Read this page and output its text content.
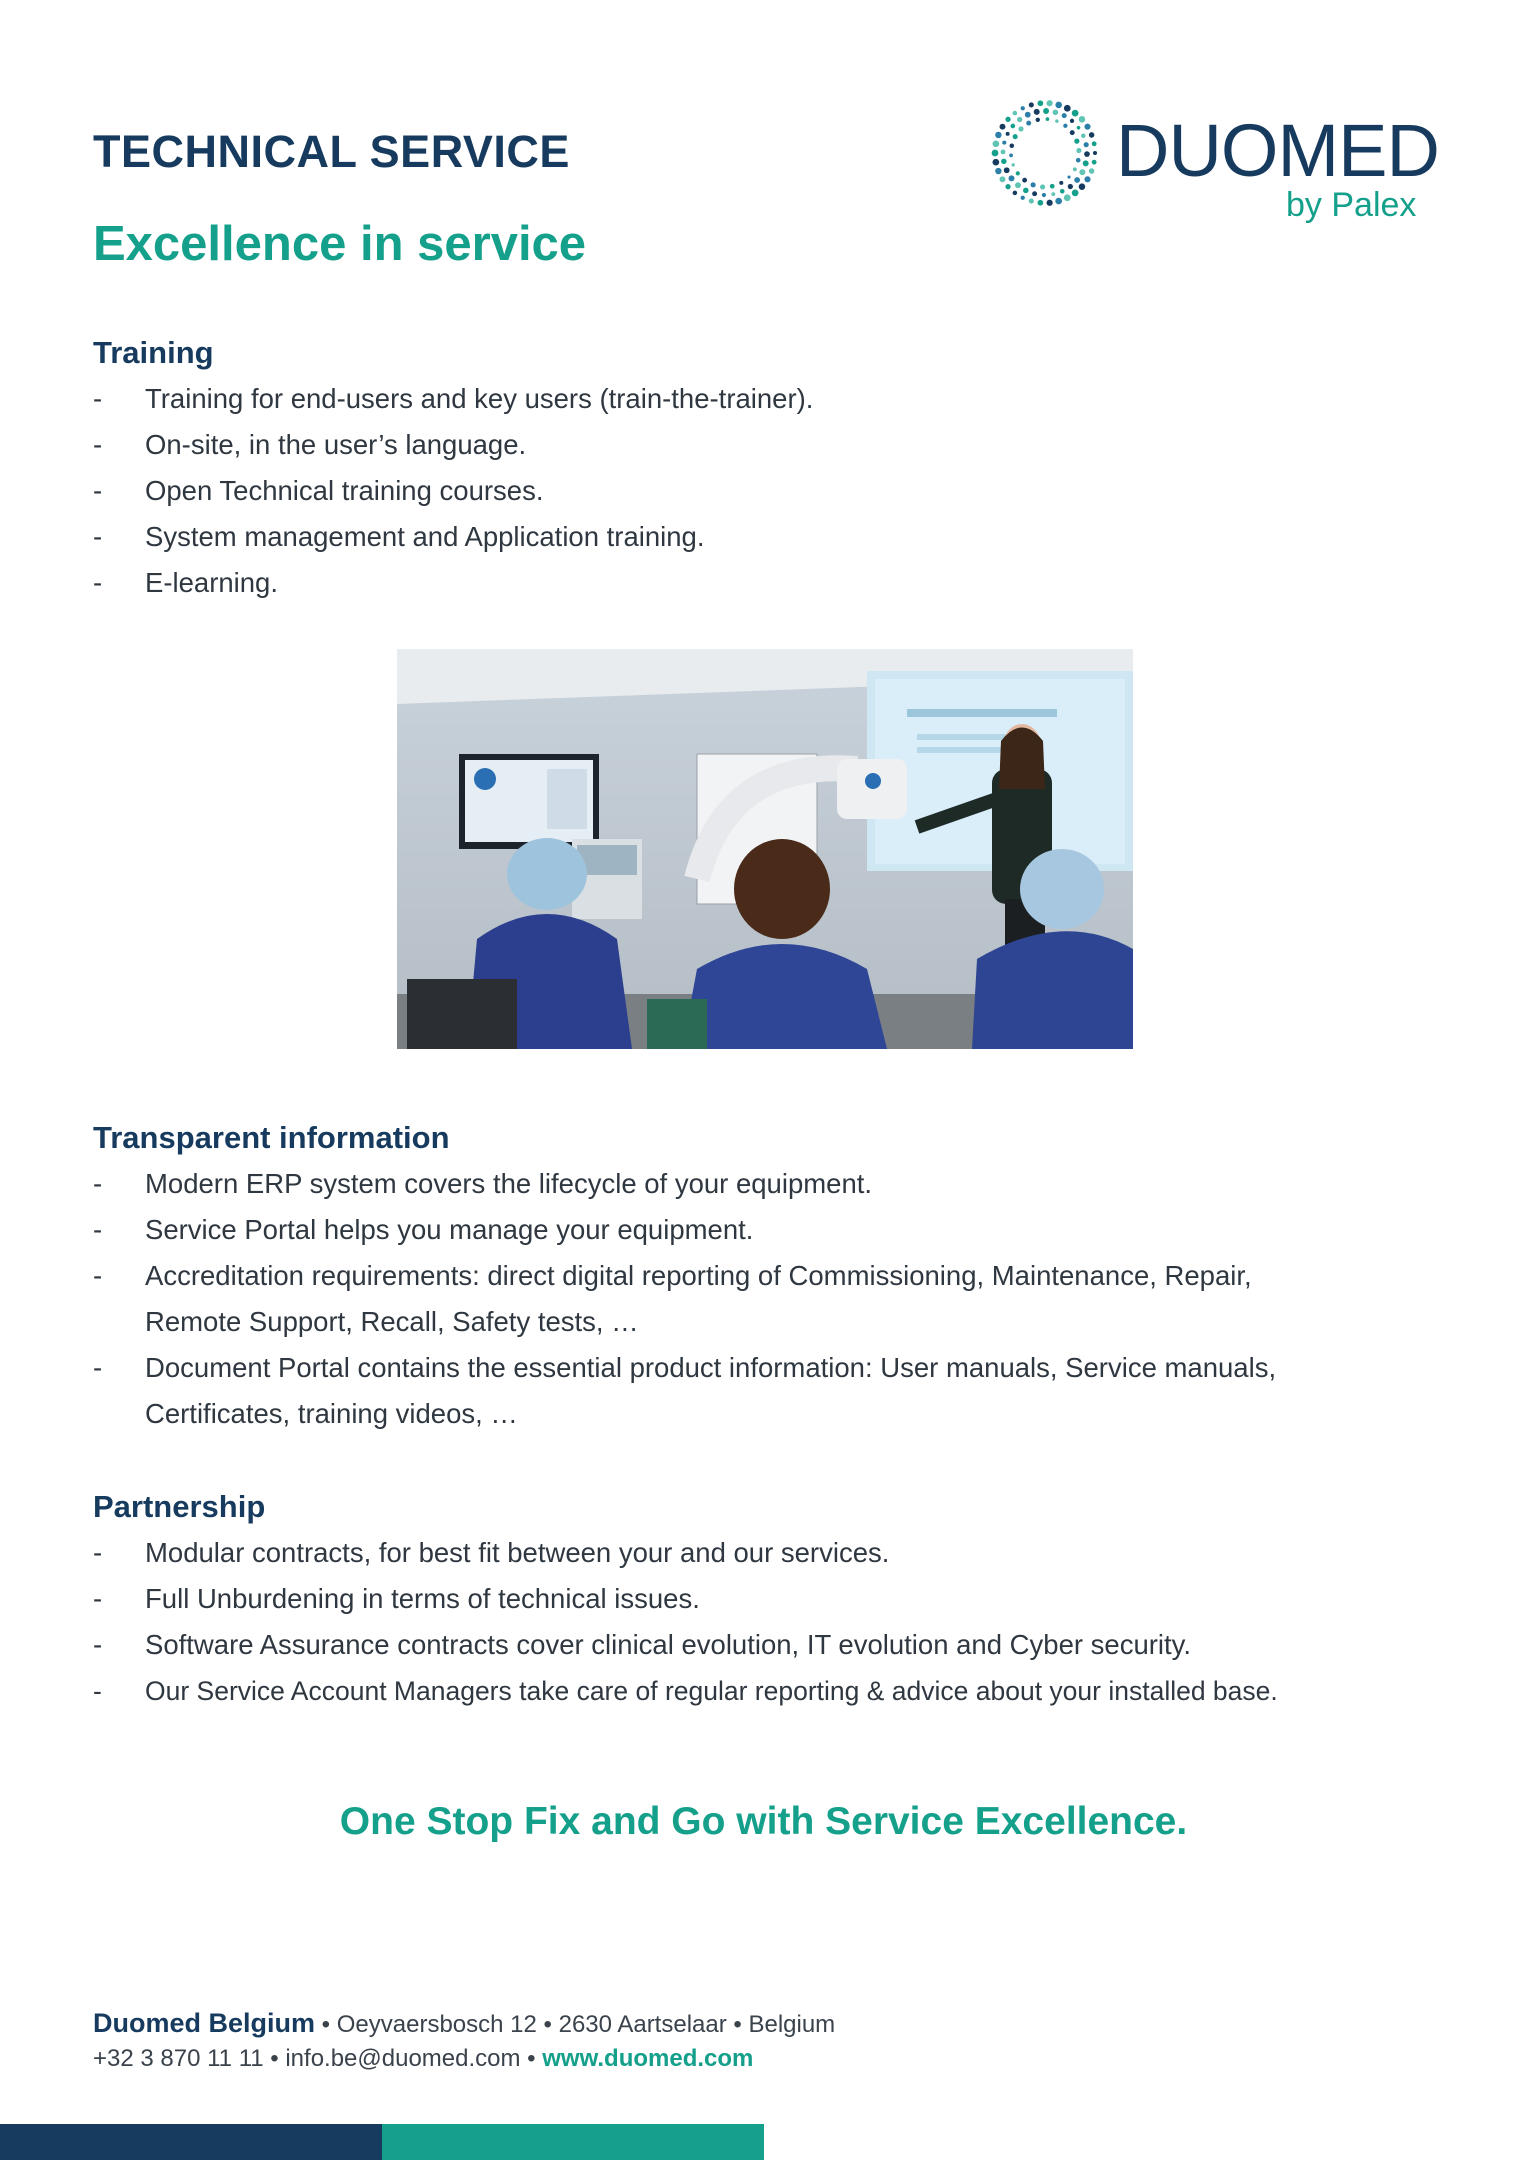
TECHNICAL SERVICE
Excellence in service
DUOMED
by Palex
Training
- Training for end-users and key users (train-the-trainer).
- On-site, in the user’s language.
- Open Technical training courses.
- System management and Application training.
- E-learning.
Transparent information
- Modern ERP system covers the lifecycle of your equipment.
- Service Portal helps you manage your equipment.
- Accreditation requirements: direct digital reporting of Commissioning, Maintenance, Repair, Remote Support, Recall, Safety tests, …
- Document Portal contains the essential product information: User manuals, Service manuals, Certificates, training videos, …
Partnership
- Modular contracts, for best fit between your and our services.
- Full Unburdening in terms of technical issues.
- Software Assurance contracts cover clinical evolution, IT evolution and Cyber security.
- Our Service Account Managers take care of regular reporting & advice about your installed base.
One Stop Fix and Go with Service Excellence.
Duomed Belgium • Oeyvaersbosch 12 • 2630 Aartselaar • Belgium
+32 3 870 11 11 • info.be@duomed.com • www.duomed.com
